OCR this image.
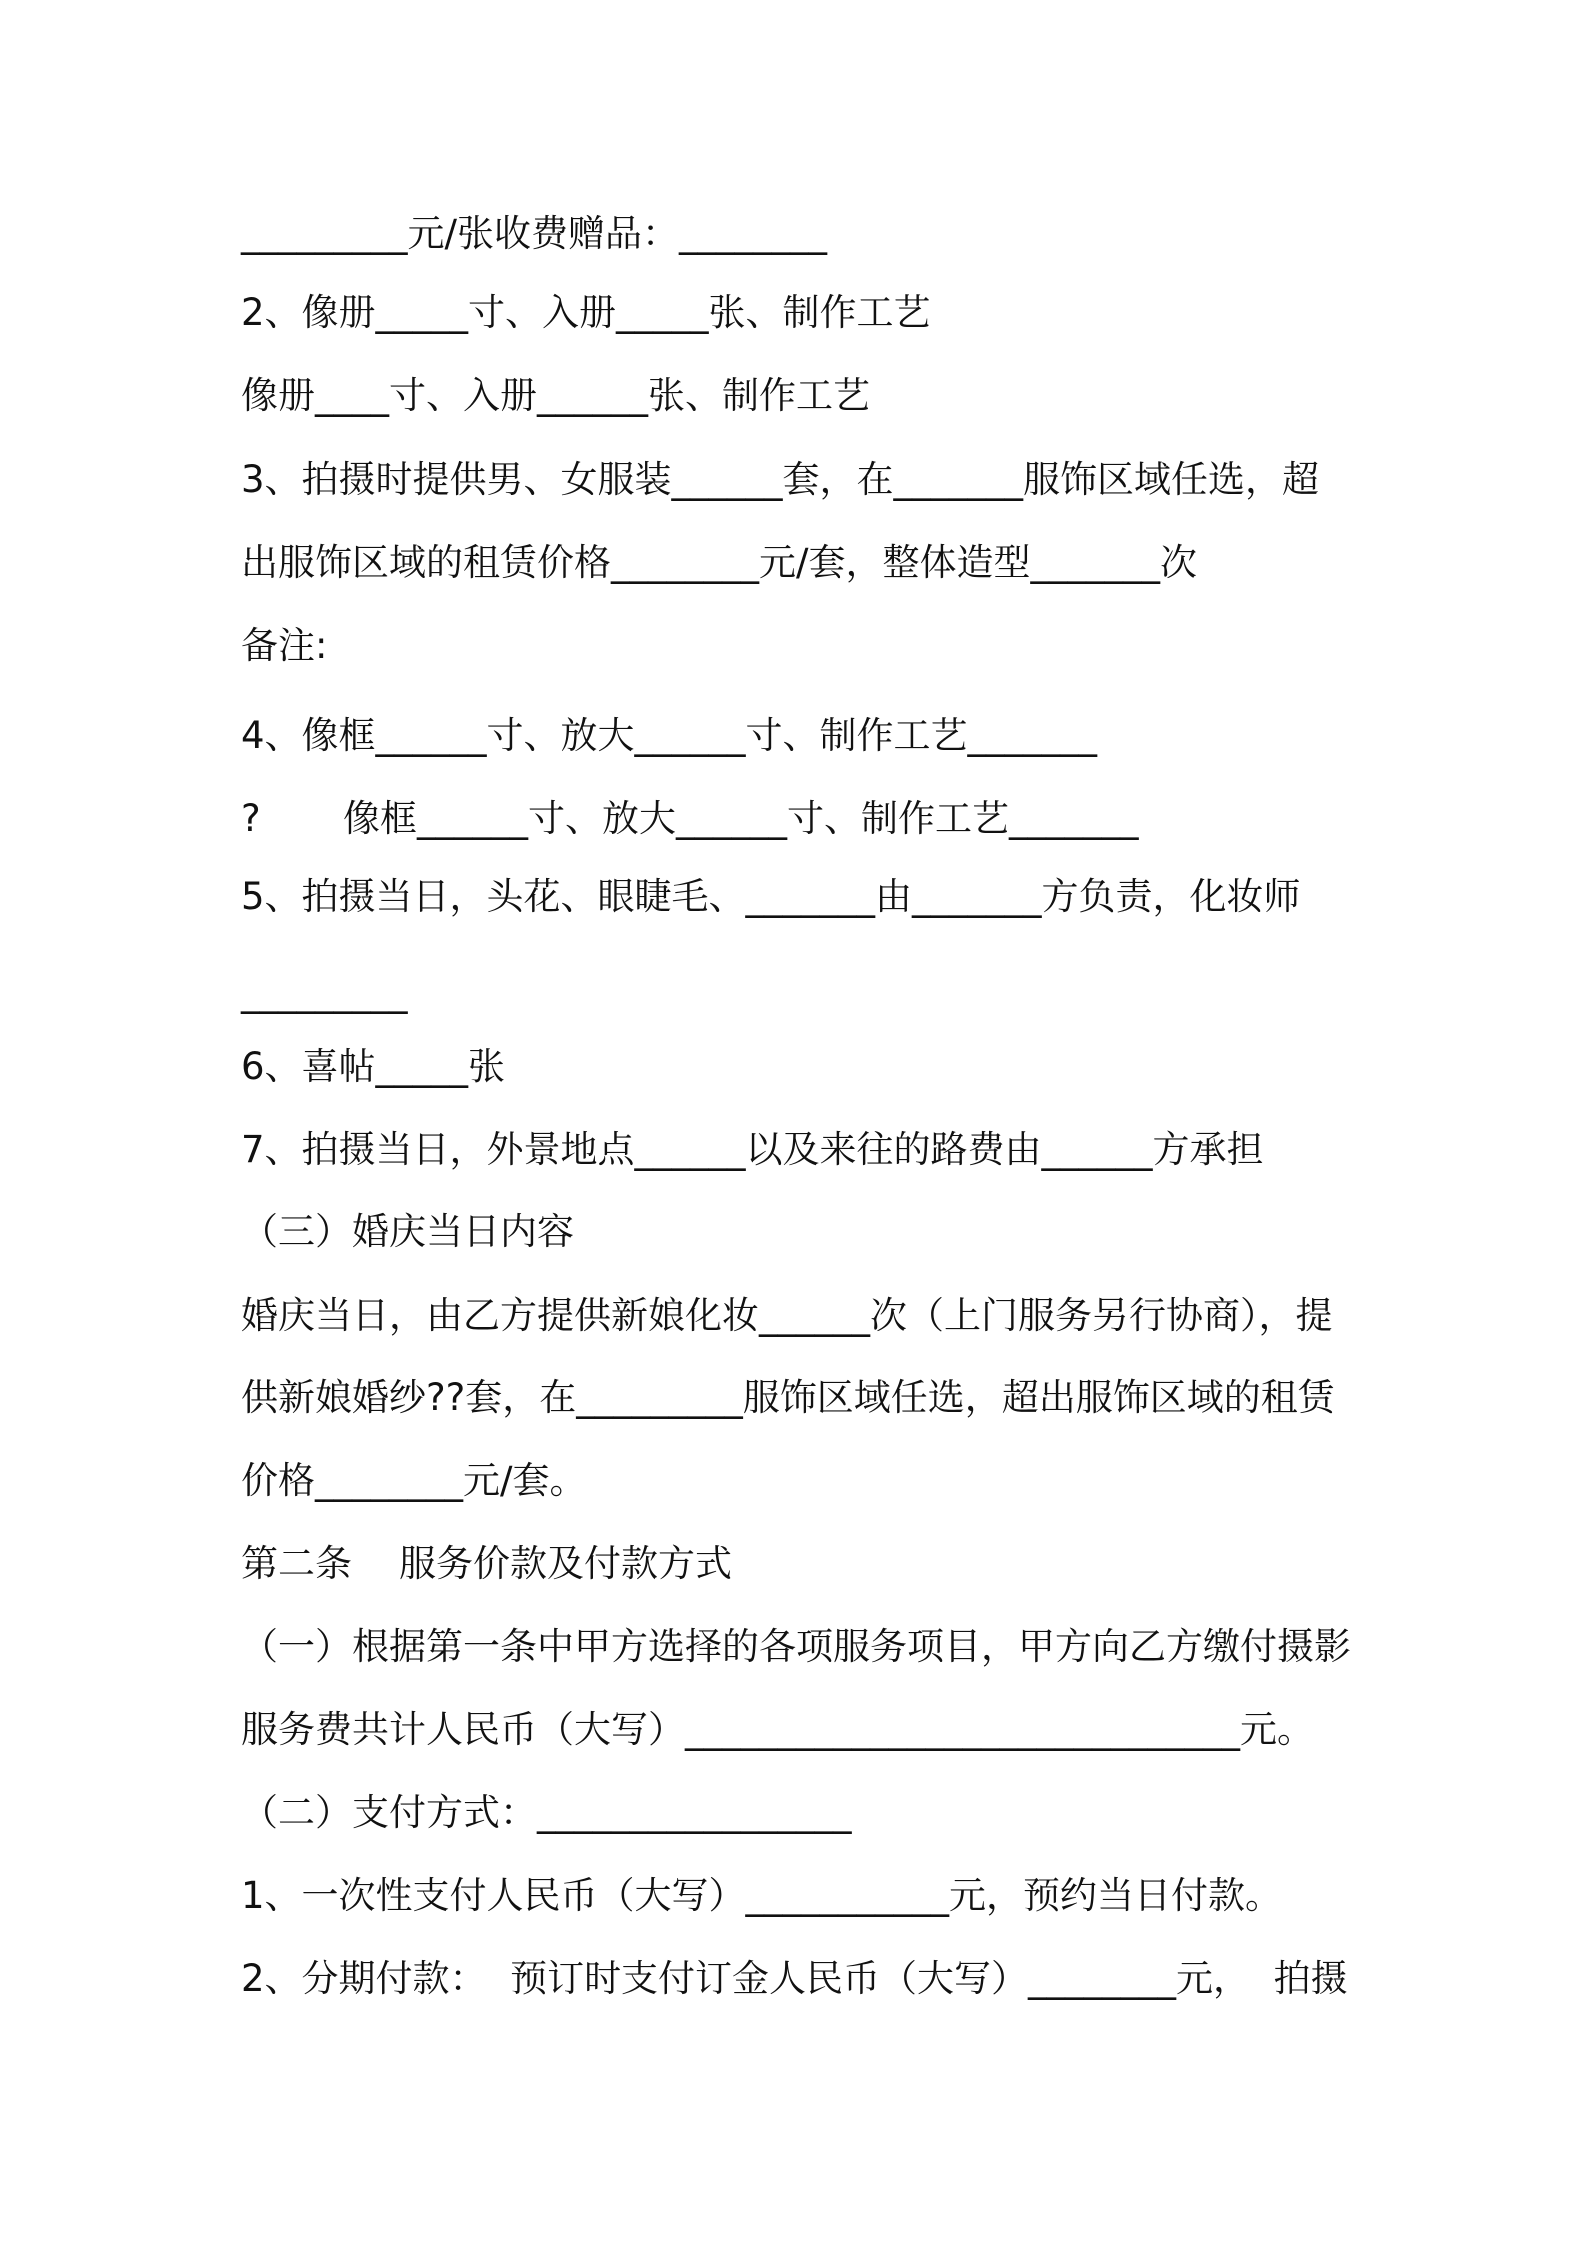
_________元/张收费赠品：________
2、像册_____寸、入册_____张、制作工艺
像册____寸、入册______张、制作工艺
3、拍摄时提供男、女服装______套，在_______服饰区域任选，超
出服饰区域的租赁价格________元/套，整体造型_______次
备注:
4、像框______寸、放大______寸、制作工艺_______
?       像框______寸、放大______寸、制作工艺_______
5、拍摄当日，头花、眼睫毛、_______由_______方负责，化妆师
_________
6、喜帖_____张
7、拍摄当日，外景地点______以及来往的路费由______方承担
（三）婚庆当日内容
婚庆当日，由乙方提供新娘化妆______次（上门服务另行协商），提
供新娘婚纱??套，在_________服饰区域任选，超出服饰区域的租赁
价格________元/套。
第二条    服务价款及付款方式
（一）根据第一条中甲方选择的各项服务项目，甲方向乙方缴付摄影
服务费共计人民币（大写）______________________________元。
（二）支付方式：_________________
1、一次性支付人民币（大写）___________元，预约当日付款。
2、分期付款：  预订时支付订金人民币（大写）________元，  拍摄
